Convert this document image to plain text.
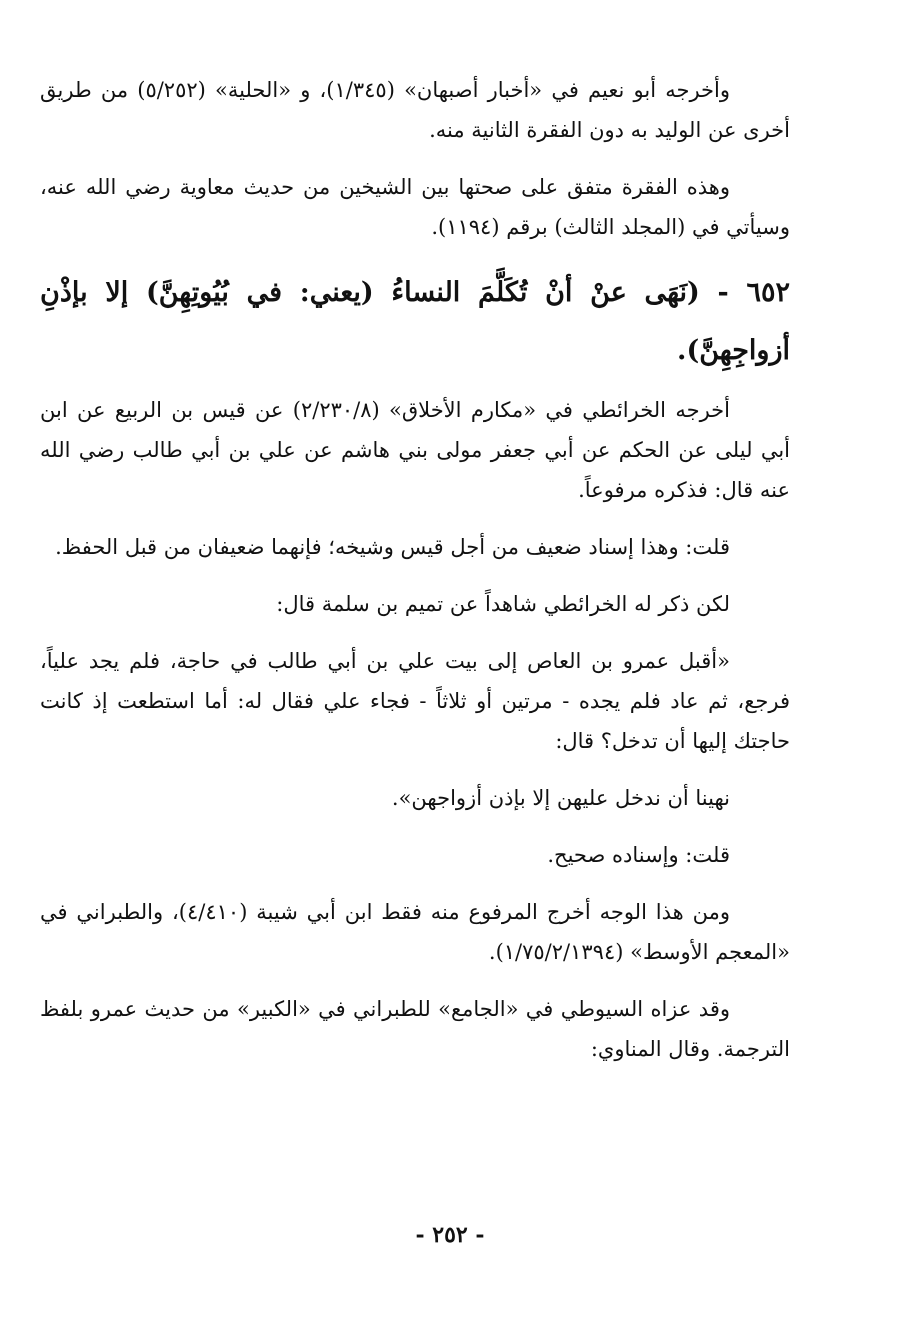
وأخرجه أبو نعيم في «أخبار أصبهان» (١/٣٤٥)، و «الحلية» (٥/٢٥٢) من طريق أخرى عن الوليد به دون الفقرة الثانية منه.

وهذه الفقرة متفق على صحتها بين الشيخين من حديث معاوية رضي الله عنه، وسيأتي في (المجلد الثالث) برقم (١١٩٤).

٦٥٢ - (نَهَى عنْ أنْ تُكَلَّمَ النساءُ (يعني: في بُيُوتِهِنَّ) إلا بإذْنِ أزواجِهِنَّ).

أخرجه الخرائطي في «مكارم الأخلاق» (٢/٢٣٠/٨) عن قيس بن الربيع عن ابن أبي ليلى عن الحكم عن أبي جعفر مولى بني هاشم عن علي بن أبي طالب رضي الله عنه قال: فذكره مرفوعاً.

قلت: وهذا إسناد ضعيف من أجل قيس وشيخه؛ فإنهما ضعيفان من قبل الحفظ.

لكن ذكر له الخرائطي شاهداً عن تميم بن سلمة قال:

«أقبل عمرو بن العاص إلى بيت علي بن أبي طالب في حاجة، فلم يجد علياً، فرجع، ثم عاد فلم يجده - مرتين أو ثلاثاً - فجاء علي فقال له: أما استطعت إذ كانت حاجتك إليها أن تدخل؟ قال:

نهينا أن ندخل عليهن إلا بإذن أزواجهن».

قلت: وإسناده صحيح.

ومن هذا الوجه أخرج المرفوع منه فقط ابن أبي شيبة (٤/٤١٠)، والطبراني في «المعجم الأوسط» (١/٧٥/٢/١٣٩٤).

وقد عزاه السيوطي في «الجامع» للطبراني في «الكبير» من حديث عمرو بلفظ الترجمة. وقال المناوي:

- ٢٥٢ -
